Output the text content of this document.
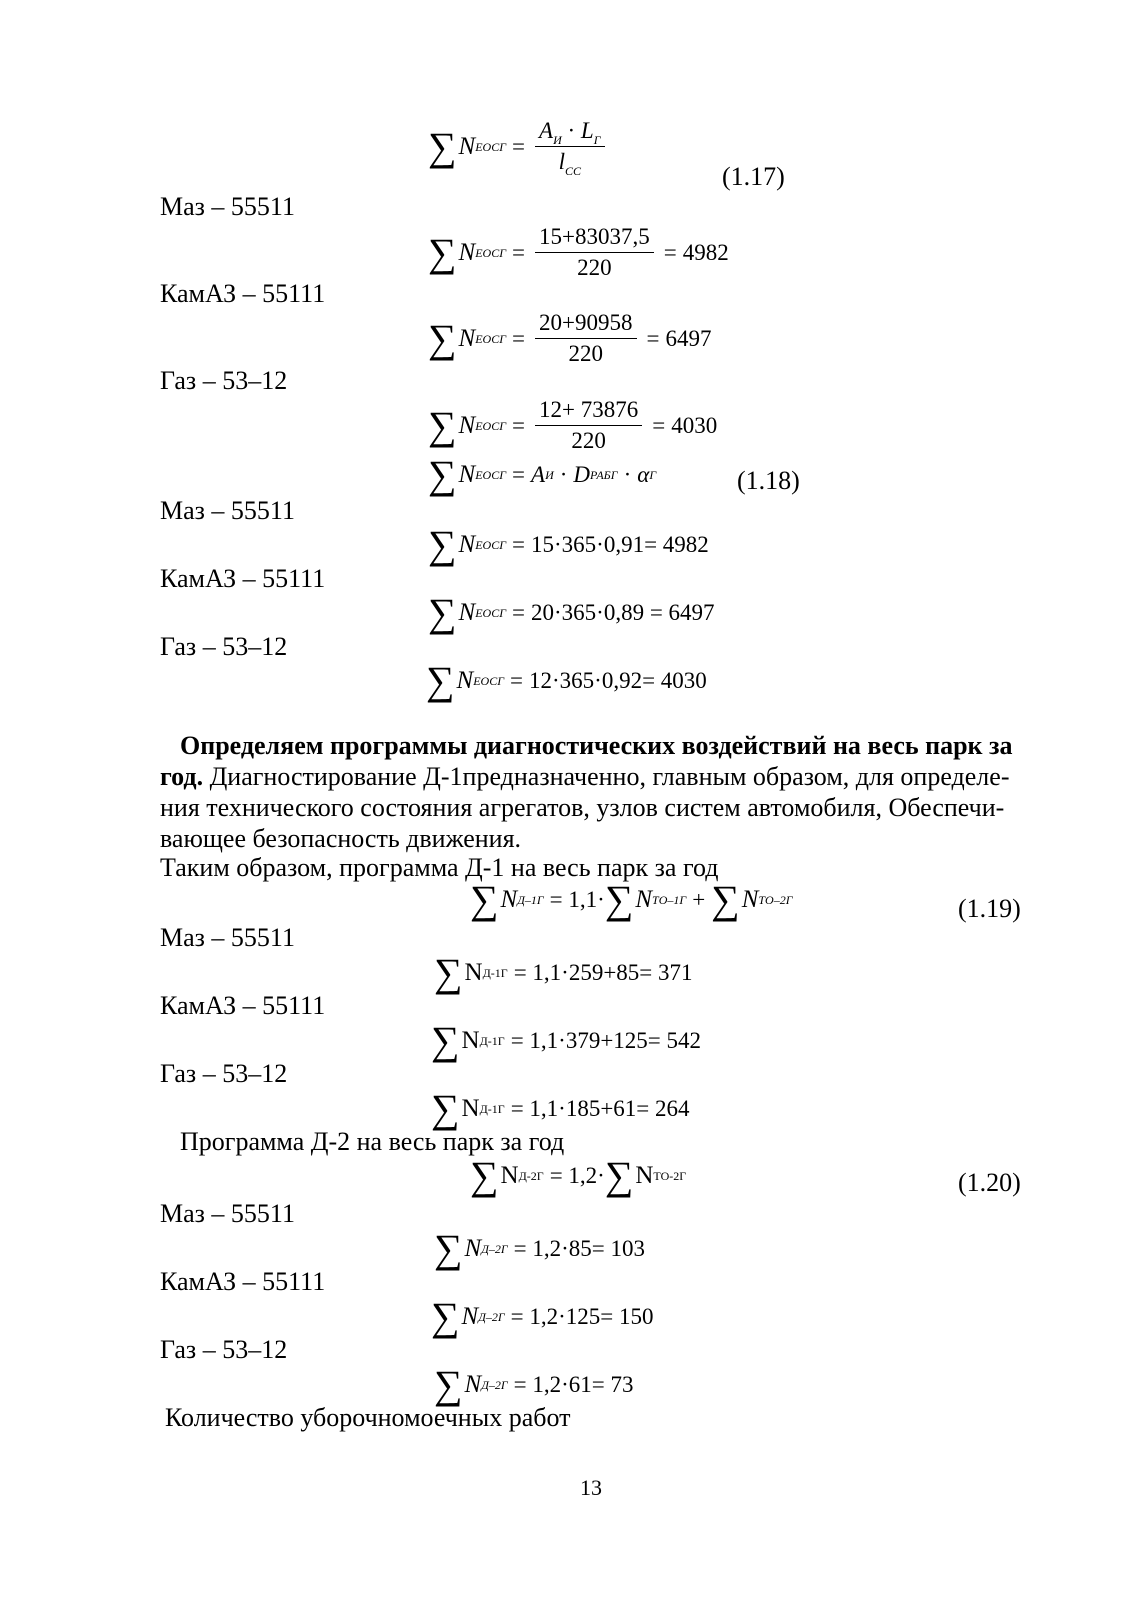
∑ N ЕОСГ = $\frac{A_И \cdot L_Г}{l_{СС}}$
(1.17)
Маз – 55511
∑ N ЕОСГ = $\frac{15+83037,5}{220} = 4982$
КамАЗ – 55111
∑ N ЕОСГ = $\frac{20+90958}{220} = 6497$
Газ – 53–12
∑ N ЕОСГ = $\frac{12+ 73876}{220} = 4030$
∑ N ЕОСГ = A И · D РАБГ · α Г	(1.18)
Маз – 55511
∑ N ЕОСГ = 15·365·0,91= 4982
КамАЗ – 55111
∑ N ЕОСГ = 20·365·0,89 = 6497
Газ – 53–12
∑ N ЕОСГ = 12·365·0,92= 4030
Определяем программы диагностических воздействий на весь парк за
год. Диагностирование Д-1предназначенно, главным образом, для определе-
ния технического состояния агрегатов, узлов систем автомобиля, Обеспечи-
вающее безопасность движения.
Таким образом, программа Д-1 на весь парк за год
∑ N Д–1Г = 1,1· ∑ N ТО–1Г + ∑ N ТО–2Г	(1.19)
Маз – 55511
∑ N Д-1Г = 1,1·259+85= 371
КамАЗ – 55111
∑ N Д-1Г = 1,1·379+125= 542
Газ – 53–12
∑ N Д-1Г = 1,1·185+61= 264
Программа Д-2 на весь парк за год
∑ N Д-2Г = 1,2· ∑ N ТО-2Г	(1.20)
Маз – 55511
∑ N Д–2Г = 1,2·85= 103
КамАЗ – 55111
∑ N Д–2Г = 1,2·125= 150
Газ – 53–12
∑ N Д–2Г = 1,2·61= 73
Количество уборочномоечных работ
13
